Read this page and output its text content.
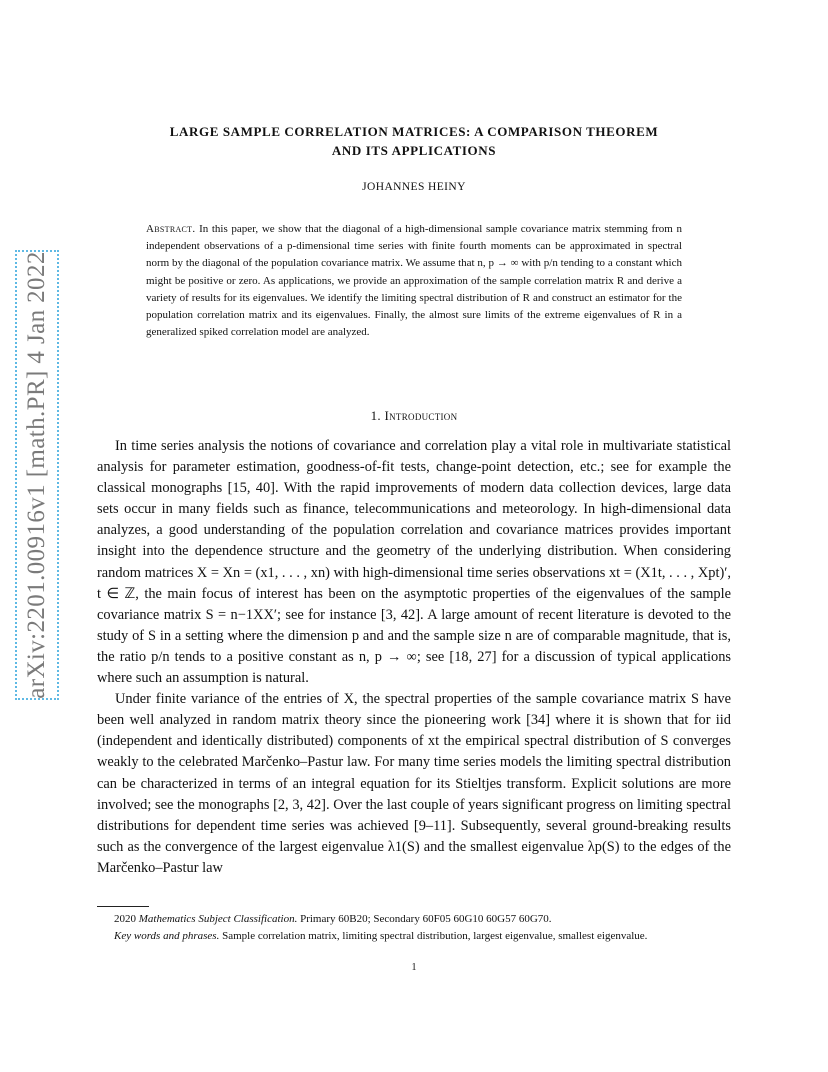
arXiv:2201.00916v1 [math.PR] 4 Jan 2022
LARGE SAMPLE CORRELATION MATRICES: A COMPARISON THEOREM
AND ITS APPLICATIONS
JOHANNES HEINY
Abstract. In this paper, we show that the diagonal of a high-dimensional sample covariance matrix stemming from n independent observations of a p-dimensional time series with finite fourth moments can be approximated in spectral norm by the diagonal of the population covariance matrix. We assume that n, p → ∞ with p/n tending to a constant which might be positive or zero. As applications, we provide an approximation of the sample correlation matrix R and derive a variety of results for its eigenvalues. We identify the limiting spectral distribution of R and construct an estimator for the population correlation matrix and its eigenvalues. Finally, the almost sure limits of the extreme eigenvalues of R in a generalized spiked correlation model are analyzed.
1. Introduction

In time series analysis the notions of covariance and correlation play a vital role in multivariate statistical analysis for parameter estimation, goodness-of-fit tests, change-point detection, etc.; see for example the classical monographs [15, 40]. With the rapid improvements of modern data collection devices, large data sets occur in many fields such as finance, telecommunications and meteorology. In high-dimensional data analyzes, a good understanding of the population correlation and covariance matrices provides important insight into the dependence structure and the geometry of the underlying distribution. When considering random matrices X = Xn = (x1, . . . , xn) with high-dimensional time series observations xt = (X1t, . . . , Xpt)′, t ∈ ℤ, the main focus of interest has been on the asymptotic properties of the eigenvalues of the sample covariance matrix S = n−1XX′; see for instance [3, 42]. A large amount of recent literature is devoted to the study of S in a setting where the dimension p and and the sample size n are of comparable magnitude, that is, the ratio p/n tends to a positive constant as n, p → ∞; see [18, 27] for a discussion of typical applications where such an assumption is natural.

Under finite variance of the entries of X, the spectral properties of the sample covariance matrix S have been well analyzed in random matrix theory since the pioneering work [34] where it is shown that for iid (independent and identically distributed) components of xt the empirical spectral distribution of S converges weakly to the celebrated Marčenko–Pastur law. For many time series models the limiting spectral distribution can be characterized in terms of an integral equation for its Stieltjes transform. Explicit solutions are more involved; see the monographs [2, 3, 42]. Over the last couple of years significant progress on limiting spectral distributions for dependent time series was achieved [9–11]. Subsequently, several ground-breaking results such as the convergence of the largest eigenvalue λ1(S) and the smallest eigenvalue λp(S) to the edges of the Marčenko–Pastur law

2020 Mathematics Subject Classification. Primary 60B20; Secondary 60F05 60G10 60G57 60G70.
Key words and phrases. Sample correlation matrix, limiting spectral distribution, largest eigenvalue, smallest eigenvalue.
1
